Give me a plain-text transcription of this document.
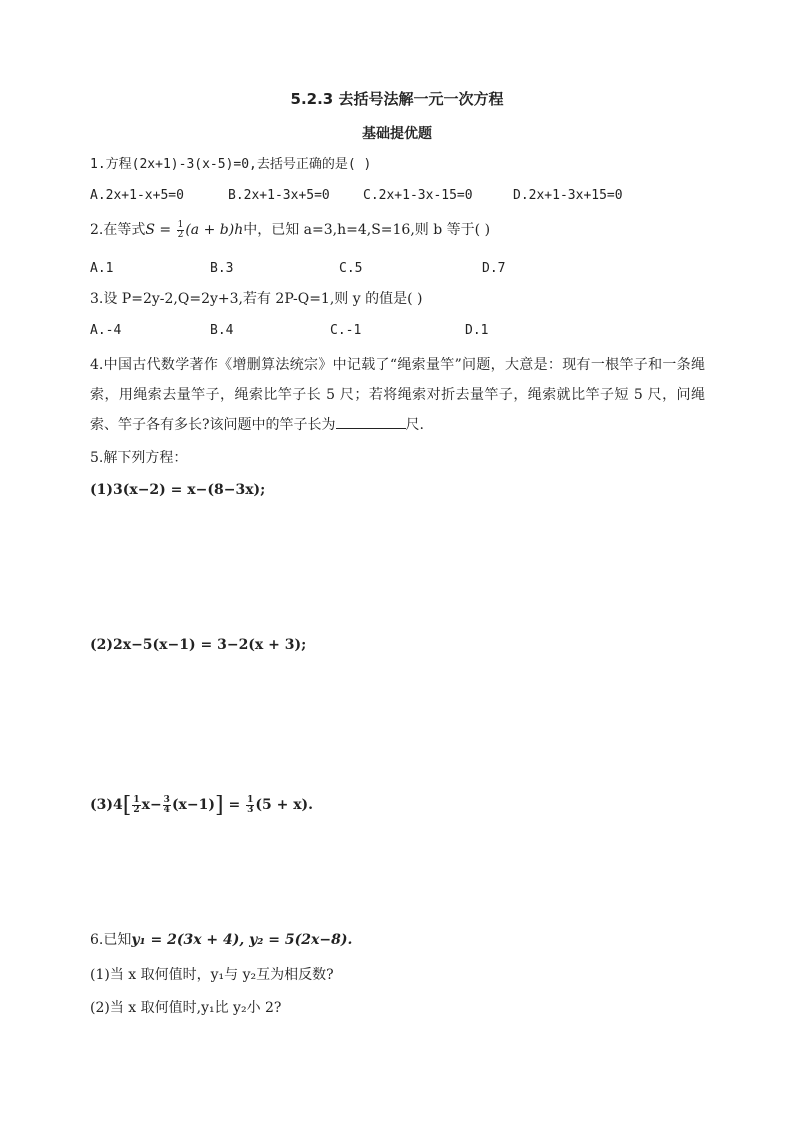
5.2.3 去括号法解一元一次方程
基础提优题
1.方程(2x+1)-3(x-5)=0,去括号正确的是( )
A.2x+1-x+5=0	B.2x+1-3x+5=0	C.2x+1-3x-15=0	D.2x+1-3x+15=0
2.在等式$S = \frac{1}{2} (a + b)h$中，已知 a=3,h=4,S=16,则 b 等于( )
A.1	B.3	C.5	D.7
3.设 P=2y-2,Q=2y+3,若有 2P-Q=1,则 y 的值是( )
A.-4	B.4	C.-1	D.1
4.中国古代数学著作《增删算法统宗》中记载了“绳索量竿”问题，大意是：现有一根竿子和一条绳索，用绳索去量竿子，绳索比竿子长 5 尺；若将绳索对折去量竿子，绳索就比竿子短 5 尺，问绳索、竿子各有多长?该问题中的竿子长为	尺.
5.解下列方程：
(1)3(x−2) = x−(8−3x);
(2)2x−5(x−1) = 3−2(x + 3);
$(3)4[ \frac{1}{2} x- \frac{3}{4} (x-1)] = \frac{1}{3} (5 + x)$.
6.已知y₁ = 2(3x + 4), y₂ = 5(2x−8).
(1)当 x 取何值时，y₁与 y₂互为相反数?
(2)当 x 取何值时,y₁比 y₂小 2?
